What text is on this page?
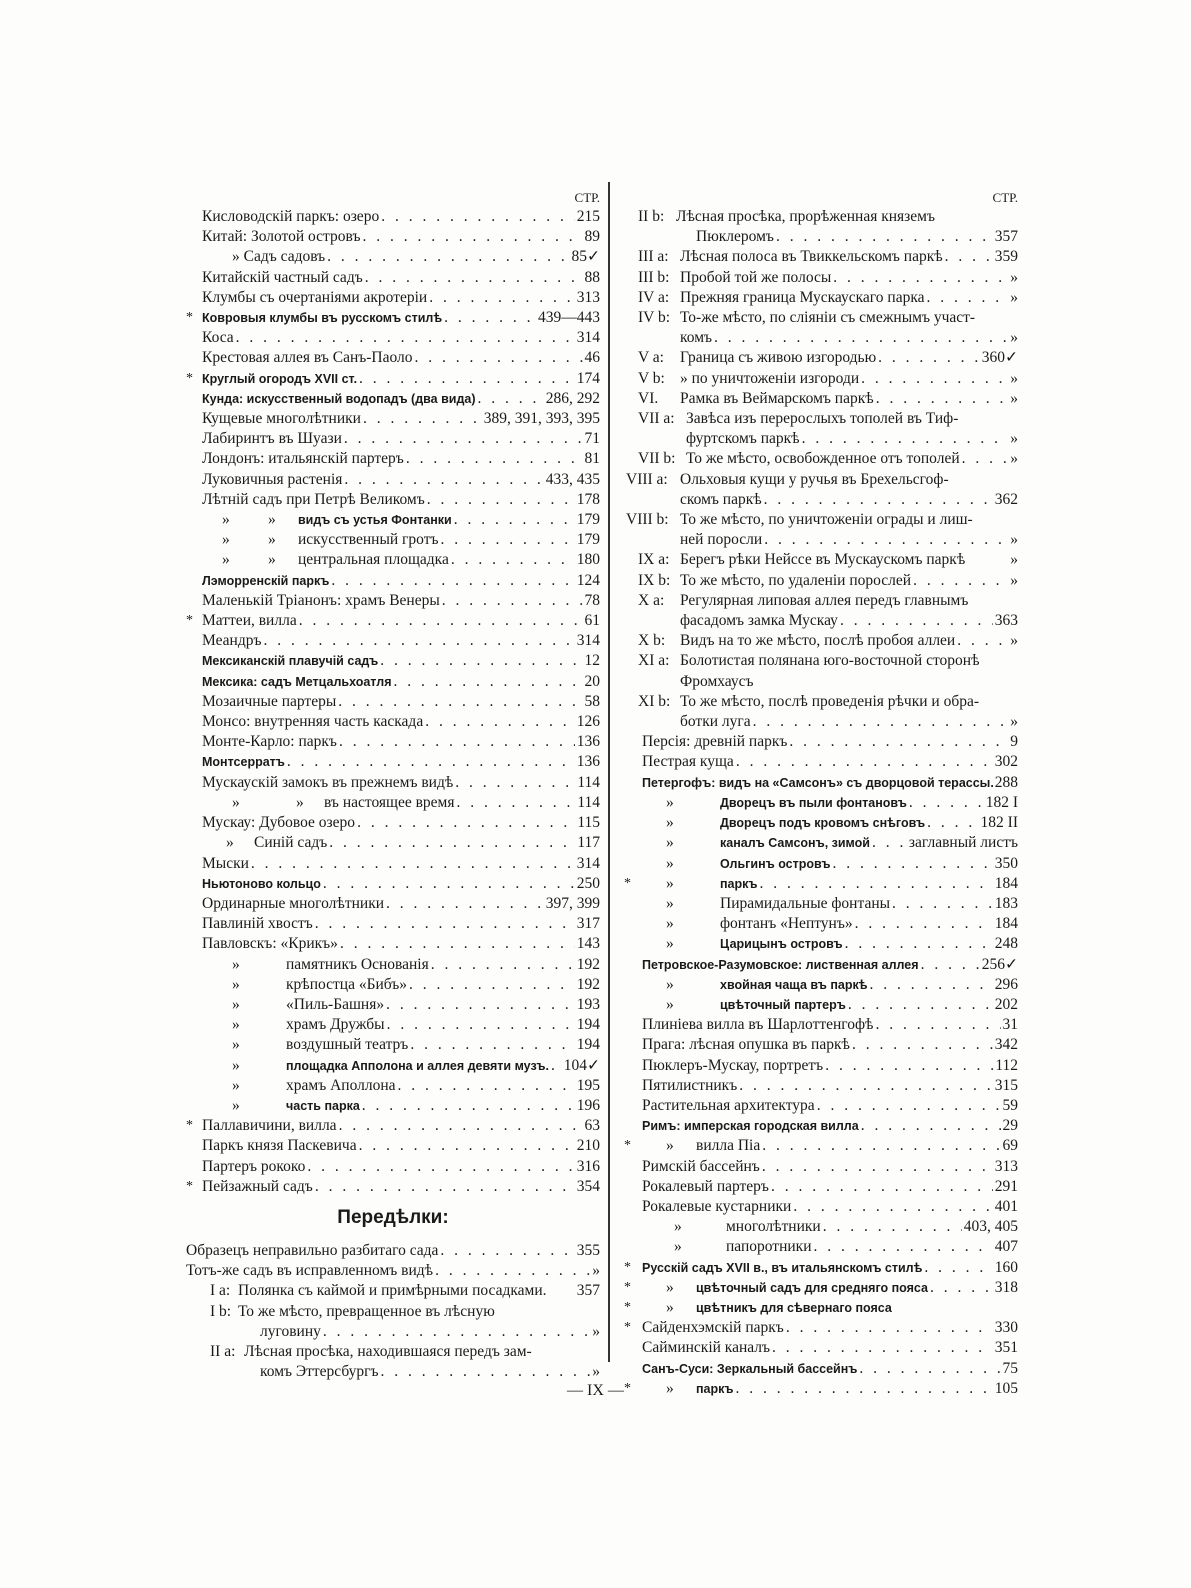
СТР.
Кисловодскій паркъ: озеро . . .	215
Китай: Золотой островъ . . .	89
» Садъ садовъ . . .	85✓
Китайскій частный садъ . . .	88
Клумбы съ очертаніями акротеріи . . .	313
* Ковровыя клумбы въ русскомъ стилѣ . . .	439—443
Коса . . .	314
Крестовая аллея въ Санъ-Паоло . . .	46
* Круглый огородъ XVII ст. . . .	174
Кунда: искусственный водопадъ (два вида) . . .	286, 292
Кущевые многолѣтники . . .	389, 391, 393, 395
Лабиринтъ въ Шуази . . .	71
Лондонъ: итальянскій партеръ . . .	81
Луковичныя растенія . . .	433, 435
Лѣтній садъ при Петрѣ Великомъ . . .	178
»	»	видъ съ устья Фонтанки . . .	179
»	»	искусственный гротъ . . .	179
»	»	центральная площадка . . .	180
Лэморренскій паркъ . . .	124
Маленькій Тріанонъ: храмъ Венеры . . .	78
* Маттеи, вилла . . .	61
Меандръ . . .	314
Мексиканскій плавучій садъ . . .	12
Мексика: садъ Метцальхоатля . . .	20
Мозаичные партеры . . .	58
Монсо: внутренняя часть каскада . . .	126
Монте-Карло: паркъ . . .	136
Монтсерратъ . . .	136
Мускаускій замокъ въ прежнемъ видѣ . . .	114
»	»	въ настоящее время . . .	114
Мускау: Дубовое озеро . . .	115
»	Синій садъ . . .	117
Мыски . . .	314
Ньютоново кольцо . . .	250
Ординарные многолѣтники . . .	397, 399
Павлиній хвостъ . . .	317
Павловскъ: «Крикъ» . . .	143
»	памятникъ Основанія . . .	192
»	крѣпостца «Бибъ» . . .	192
»	«Пиль-Башня» . . .	193
»	храмъ Дружбы . . .	194
»	воздушный театръ . . .	194
»	площадка Апполона и аллея девяти музъ. . . . 104✓
»	храмъ Аполлона . . .	195
»	часть парка . . .	196
* Паллавичини, вилла . . .	63
Паркъ князя Паскевича . . .	210
Партеръ рококо . . .	316
* Пейзажный садъ . . .	354
Передѣлки:
Образецъ неправильно разбитаго сада . . .	355
Тотъ-же садъ въ исправленномъ видѣ . . .	»
I a: Полянка съ каймой и примѣрными посадками. 357
I b: То же мѣсто, превращенное въ лѣсную
луговину . . .	»
II a: Лѣсная просѣка, находившаяся передъ зам-
комъ Эттерсбургъ . . .	»
СТР.
II b: Лѣсная просѣка, прорѣженная княземъ
Пюклеромъ . . .	357
III a: Лѣсная полоса въ Твиккельскомъ паркѣ . . .	359
III b: Пробой той же полосы . . .	»
IV a: Прежняя граница Мускаускаго парка . . .	»
IV b: То-же мѣсто, по сліяніи съ смежнымъ участ-
комъ . . .	»
V a:	Граница съ живою изгородью . . .	360✓
V b: » по уничтоженіи изгороди . . .	»
VI.	Рамка въ Веймарскомъ паркѣ . . .	»
VII a: Завѣса изъ перерослыхъ тополей въ Тиф-
фуртскомъ паркѣ . . .	»
VII b: То же мѣсто, освобожденное отъ тополей . . .	»
VIII a: Ольховыя кущи у ручья въ Брехельсгоф-
скомъ паркѣ . . .	362
VIII b: То же мѣсто, по уничтоженіи ограды и лиш-
ней поросли . . .	»
IX a: Берегъ рѣки Нейссе въ Мускаускомъ паркѣ	»
IX b: То же мѣсто, по удаленіи порослей . . .	»
X a:	Регулярная липовая аллея передъ главнымъ
фасадомъ замка Мускау . . .	363
X b: Видъ на то же мѣсто, послѣ пробоя аллеи . . .	»
XI a: Болотистая полянана юго-восточной сторонѣ
Фромхаусъ
XI b: То же мѣсто, послѣ проведенія рѣчки и обра-
ботки луга . . .	»
Персія: древній паркъ . . .	9
Пестрая куща . . .	302
Петергофъ: видъ на «Самсонъ» съ дворцовой терассы. 288
»	Дворецъ въ пыли фонтановъ . . .	182 I
»	Дворецъ подъ кровомъ снѣговъ . . .	182 II
»	каналъ Самсонъ, зимой . . .	заглавный листъ
»	Ольгинъ островъ . . .	350
* »	паркъ . . .	184
»	Пирамидальные фонтаны . . .	183
»	фонтанъ «Нептунъ» . . .	184
»	Царицынъ островъ . . .	248
Петровское-Разумовское: лиственная аллея . . .	256✓
»	хвойная чаща въ паркѣ . . .	296
»	цвѣточный партеръ . . .	202
Плиніева вилла въ Шарлоттенгофѣ . . .	31
Прага: лѣсная опушка въ паркѣ . . .	342
Пюклеръ-Мускау, портретъ . . .	112
Пятилистникъ . . .	315
Растительная архитектура . . .	59
Римъ: имперская городская вилла . . .	29
* »	вилла Піа . . .	69
Римскій бассейнъ . . .	313
Рокалевый партеръ . . .	291
Рокалевые кустарники . . .	401
»	многолѣтники . . .	403, 405
»	папоротники . . .	407
* Русскій садъ XVII в., въ итальянскомъ стилѣ . . .	160
* »	цвѣточный садъ для средняго пояса . . .	318
* »	цвѣтникъ для сѣвернаго пояса
* Сайденхэмскій паркъ . . .	330
Сайминскій каналъ . . .	351
Санъ-Суси: Зеркальный бассейнъ . . .	75
* »	паркъ . . .	105
— IX —
